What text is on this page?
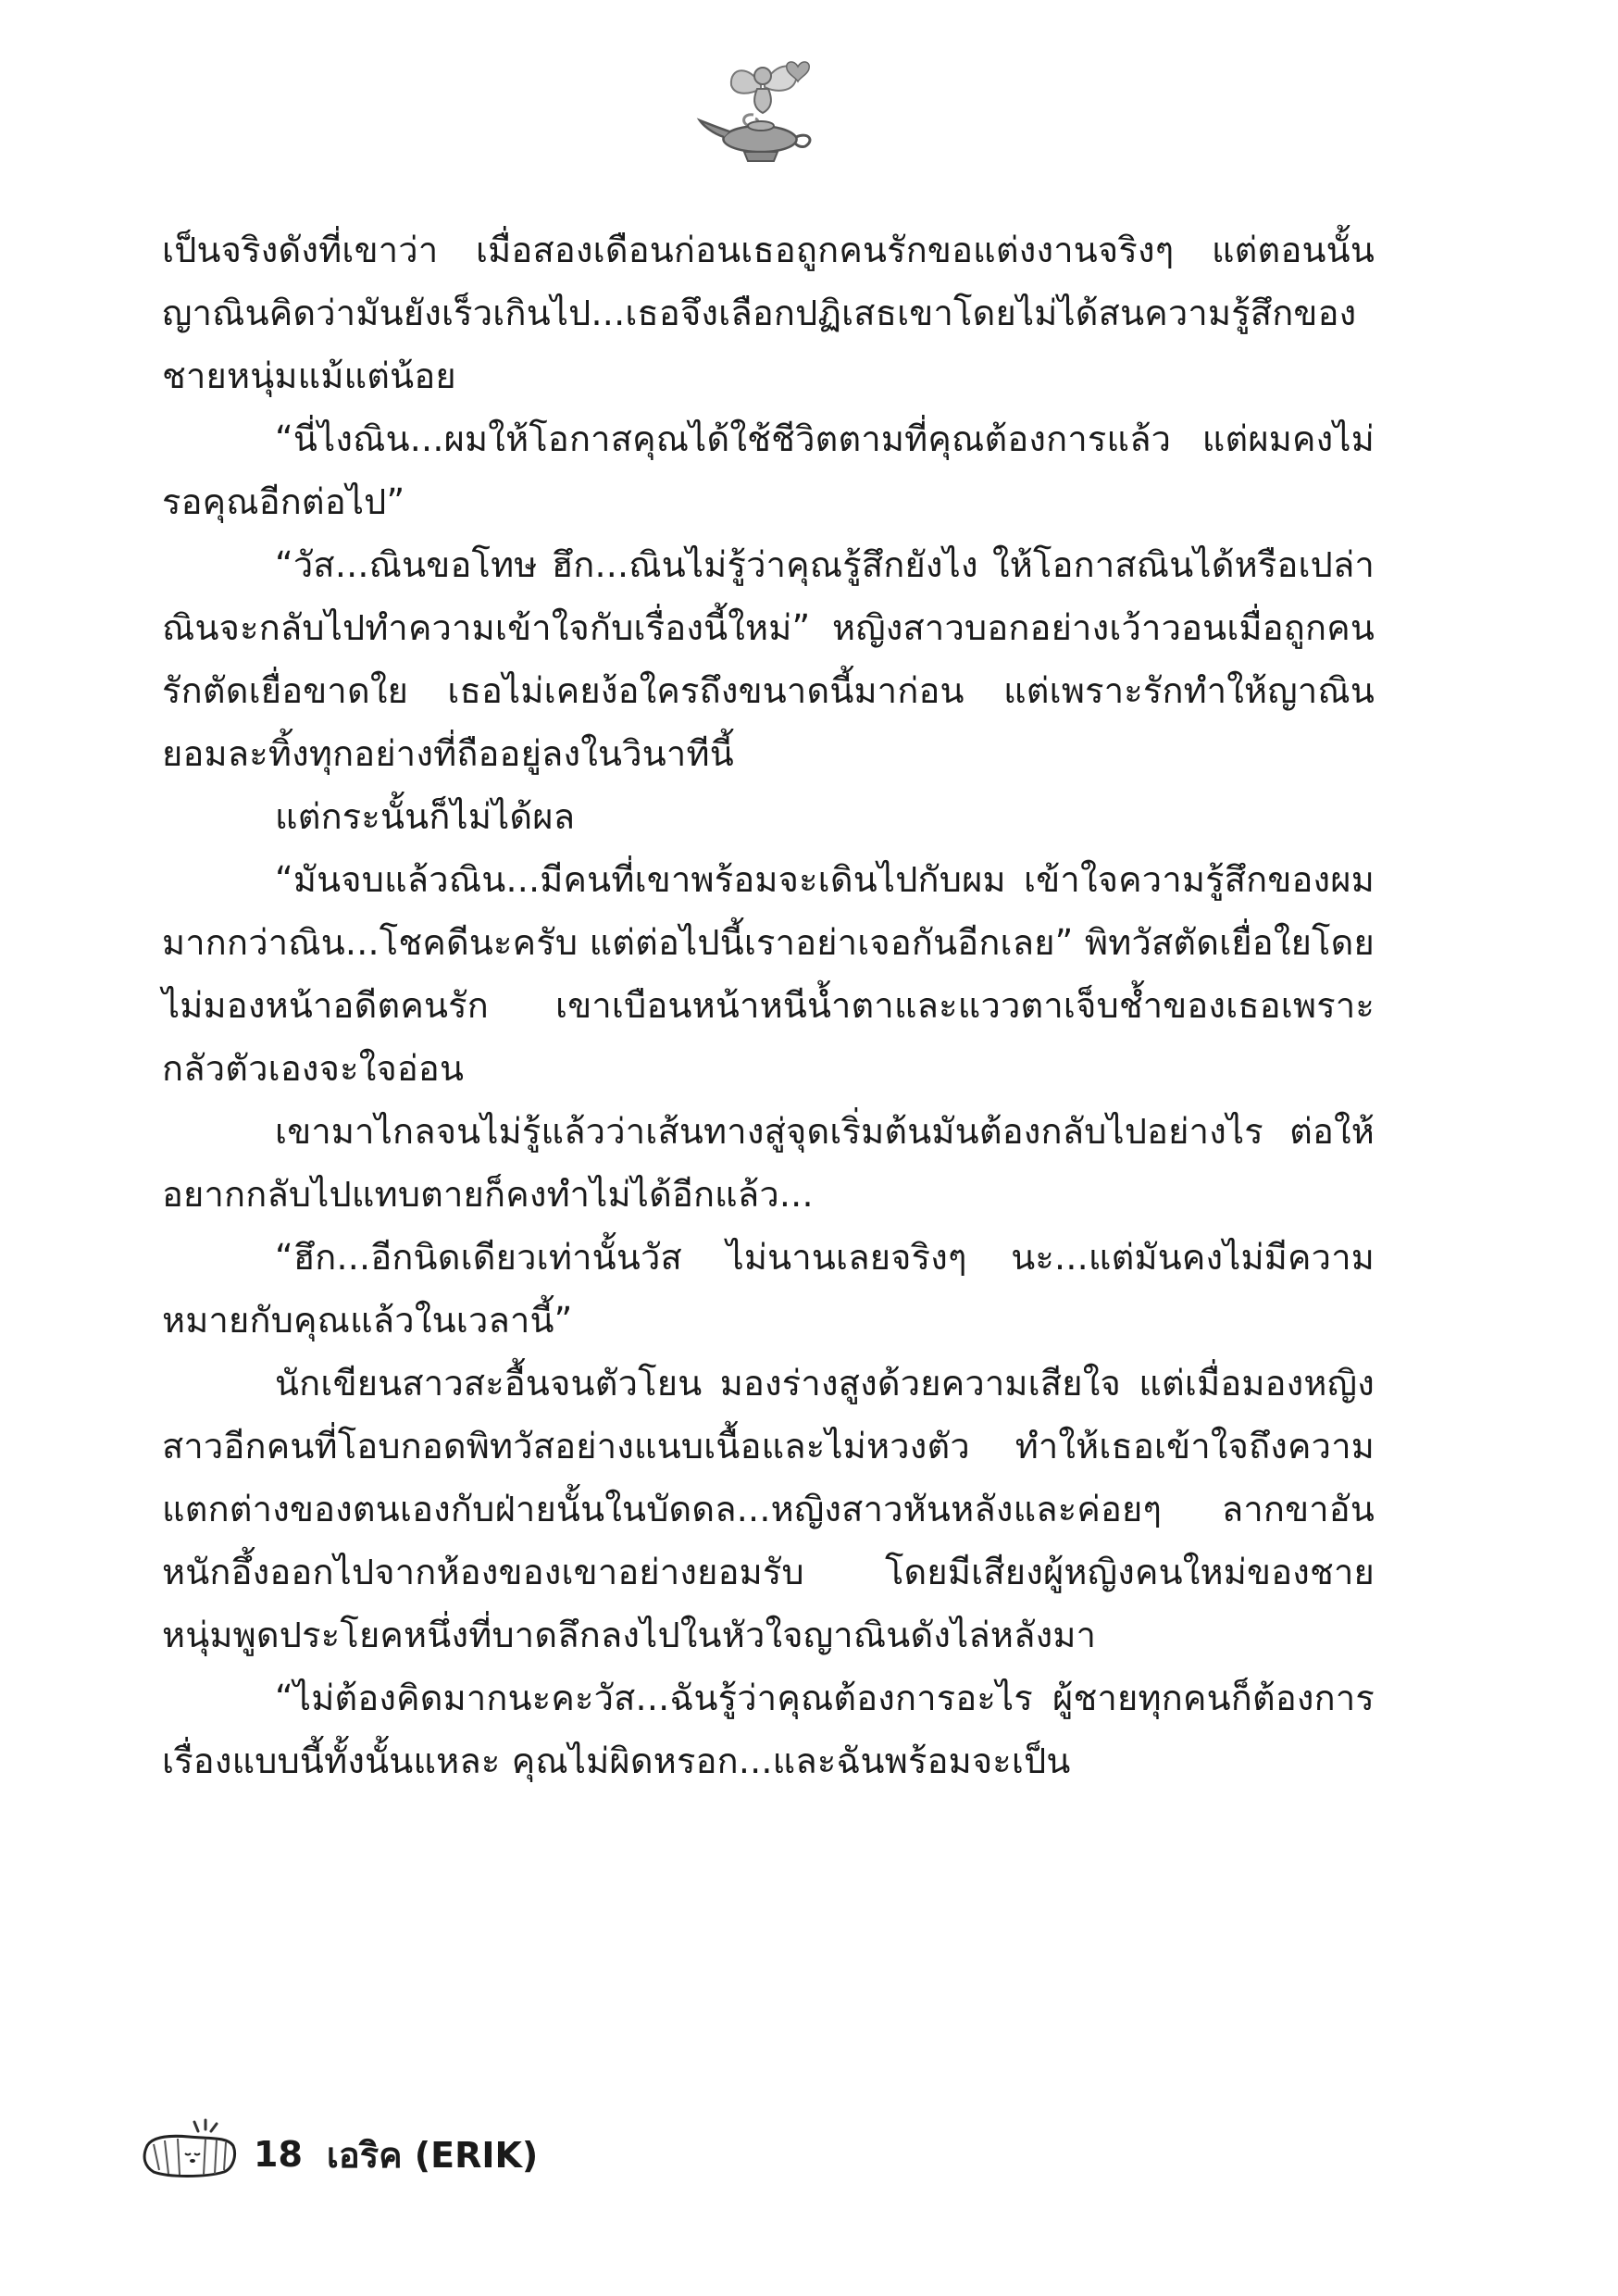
เป็นจริงดังที่เขาว่า เมื่อสองเดือนก่อนเธอถูกคนรักขอแต่งงานจริงๆ แต่ตอนนั้นญาณินคิดว่ามันยังเร็วเกินไป...เธอจึงเลือกปฏิเสธเขาโดยไม่ได้สนความรู้สึกของชายหนุ่มแม้แต่น้อย

“นี่ไงณิน...ผมให้โอกาสคุณได้ใช้ชีวิตตามที่คุณต้องการแล้ว แต่ผมคงไม่รอคุณอีกต่อไป”

“วัส...ณินขอโทษ ฮึก...ณินไม่รู้ว่าคุณรู้สึกยังไง ให้โอกาสณินได้หรือเปล่า ณินจะกลับไปทำความเข้าใจกับเรื่องนี้ใหม่” หญิงสาวบอกอย่างเว้าวอนเมื่อถูกคนรักตัดเยื่อขาดใย เธอไม่เคยง้อใครถึงขนาดนี้มาก่อน แต่เพราะรักทำให้ญาณินยอมละทิ้งทุกอย่างที่ถืออยู่ลงในวินาทีนี้

แต่กระนั้นก็ไม่ได้ผล

“มันจบแล้วณิน...มีคนที่เขาพร้อมจะเดินไปกับผม เข้าใจความรู้สึกของผมมากกว่าณิน...โชคดีนะครับ แต่ต่อไปนี้เราอย่าเจอกันอีกเลย” พิทวัสตัดเยื่อใยโดยไม่มองหน้าอดีตคนรัก เขาเบือนหน้าหนีน้ำตาและแววตาเจ็บช้ำของเธอเพราะกลัวตัวเองจะใจอ่อน

เขามาไกลจนไม่รู้แล้วว่าเส้นทางสู่จุดเริ่มต้นมันต้องกลับไปอย่างไร ต่อให้อยากกลับไปแทบตายก็คงทำไม่ได้อีกแล้ว...

“ฮึก...อีกนิดเดียวเท่านั้นวัส ไม่นานเลยจริงๆ นะ...แต่มันคงไม่มีความหมายกับคุณแล้วในเวลานี้”

นักเขียนสาวสะอื้นจนตัวโยน มองร่างสูงด้วยความเสียใจ แต่เมื่อมองหญิงสาวอีกคนที่โอบกอดพิทวัสอย่างแนบเนื้อและไม่หวงตัว ทำให้เธอเข้าใจถึงความแตกต่างของตนเองกับฝ่ายนั้นในบัดดล...หญิงสาวหันหลังและค่อยๆ ลากขาอันหนักอึ้งออกไปจากห้องของเขาอย่างยอมรับ โดยมีเสียงผู้หญิงคนใหม่ของชายหนุ่มพูดประโยคหนึ่งที่บาดลึกลงไปในหัวใจญาณินดังไล่หลังมา

“ไม่ต้องคิดมากนะคะวัส...ฉันรู้ว่าคุณต้องการอะไร ผู้ชายทุกคนก็ต้องการเรื่องแบบนี้ทั้งนั้นแหละ คุณไม่ผิดหรอก...และฉันพร้อมจะเป็น

18 เอริค (ERIK)
